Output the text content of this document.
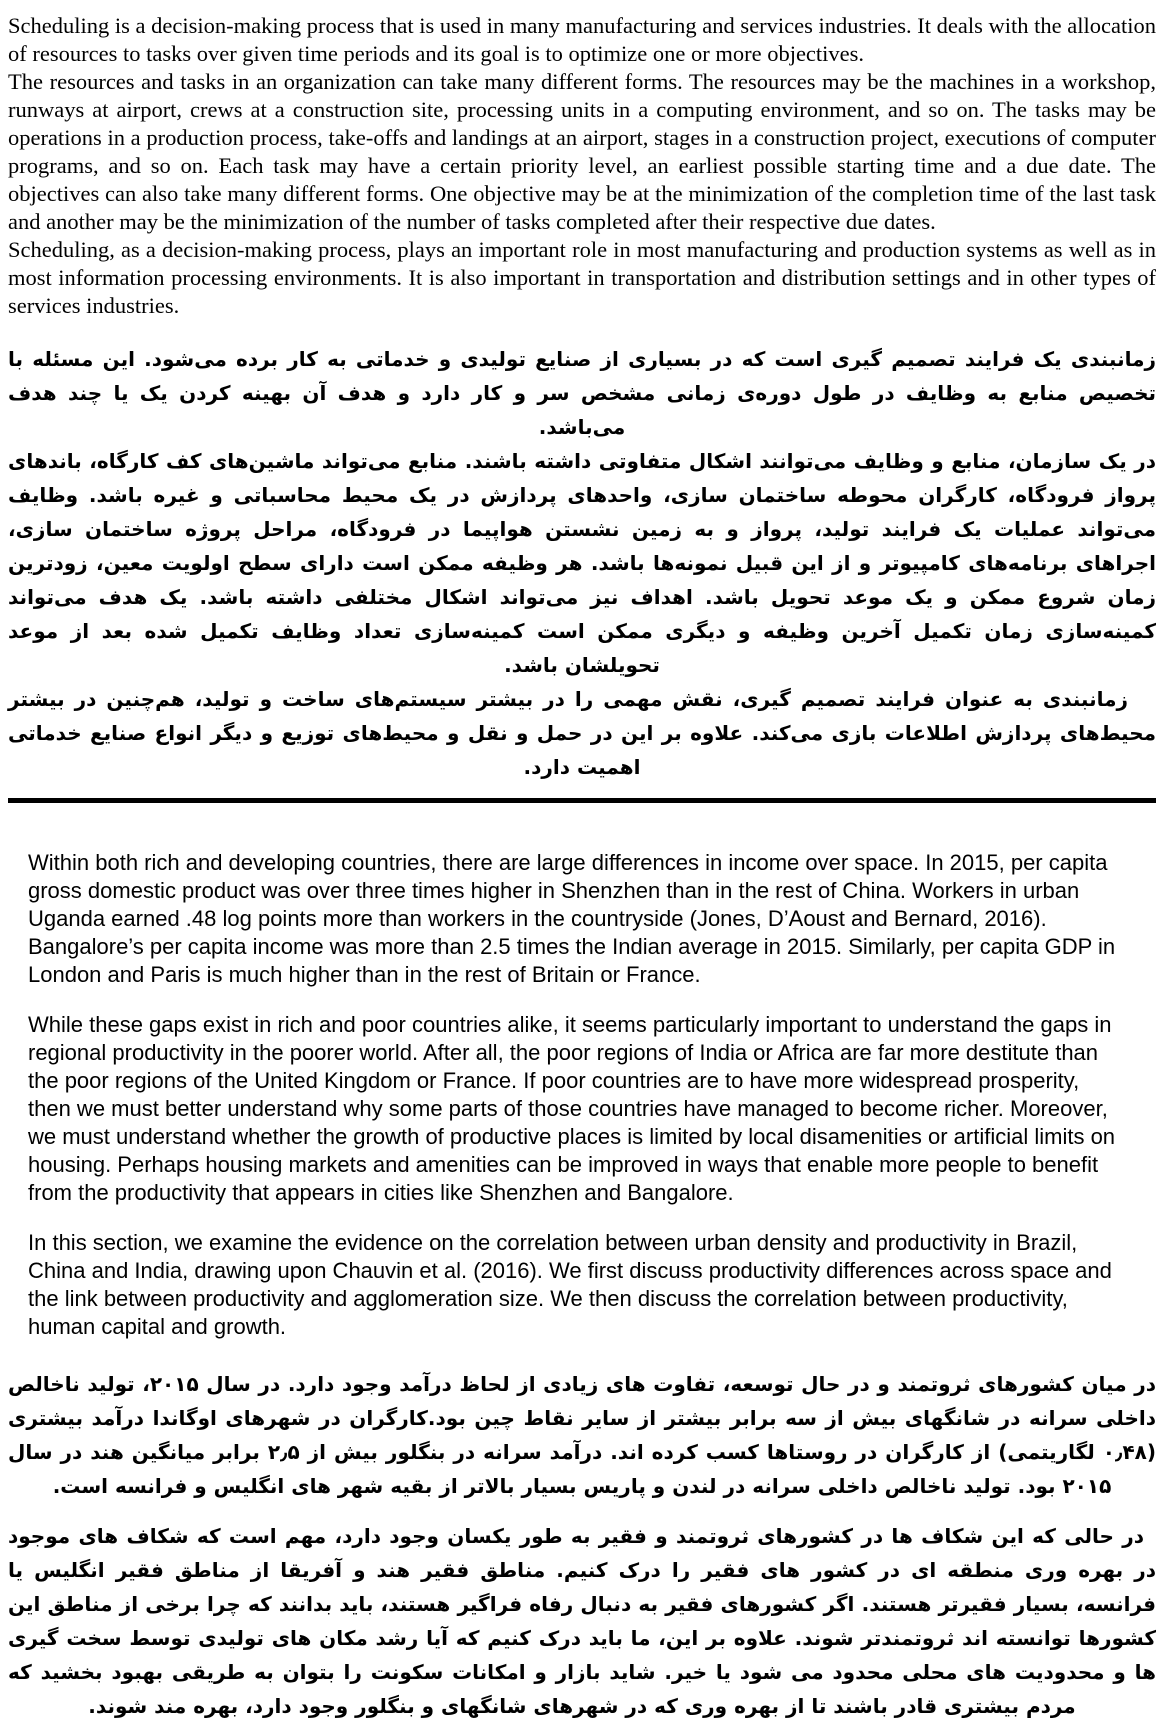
Scheduling is a decision-making process that is used in many manufacturing and services industries. It deals with the allocation of resources to tasks over given time periods and its goal is to optimize one or more objectives.

The resources and tasks in an organization can take many different forms. The resources may be the machines in a workshop, runways at airport, crews at a construction site, processing units in a computing environment, and so on. The tasks may be operations in a production process, take-offs and landings at an airport, stages in a construction project, executions of computer programs, and so on. Each task may have a certain priority level, an earliest possible starting time and a due date. The objectives can also take many different forms. One objective may be at the minimization of the completion time of the last task and another may be the minimization of the number of tasks completed after their respective due dates.

Scheduling, as a decision-making process, plays an important role in most manufacturing and production systems as well as in most information processing environments. It is also important in transportation and distribution settings and in other types of services industries.

زمانبندی یک فرایند تصمیم گیری است که در بسیاری از صنایع تولیدی و خدماتی به کار برده می‌شود. این مسئله با تخصیص منابع به وظایف در طول دوره‌ی زمانی مشخص سر و کار دارد و هدف آن بهینه کردن یک یا چند هدف می‌باشد.

در یک سازمان، منابع و وظایف می‌توانند اشکال متفاوتی داشته باشند. منابع می‌تواند ماشین‌های کف کارگاه، باندهای پرواز فرودگاه، کارگران محوطه ساختمان سازی، واحدهای پردازش در یک محیط محاسباتی و غیره باشد. وظایف می‌تواند عملیات یک فرایند تولید، پرواز و به زمین نشستن هواپیما در فرودگاه، مراحل پروژه ساختمان سازی، اجراهای برنامه‌های کامپیوتر و از این قبیل نمونه‌ها باشد. هر وظیفه ممکن است دارای سطح اولویت معین، زودترین زمان شروع ممکن و یک موعد تحویل باشد. اهداف نیز می‌تواند اشکال مختلفی داشته باشد. یک هدف می‌تواند کمینه‌سازی زمان تکمیل آخرین وظیفه و دیگری ممکن است کمینه‌سازی تعداد وظایف تکمیل شده بعد از موعد تحویلشان باشد.

زمانبندی به عنوان فرایند تصمیم گیری، نقش مهمی را در بیشتر سیستم‌های ساخت و تولید، هم‌چنین در بیشتر محیط‌های پردازش اطلاعات بازی می‌کند. علاوه بر این در حمل و نقل و محیط‌های توزیع و دیگر انواع صنایع خدماتی اهمیت دارد.

Within both rich and developing countries, there are large differences in income over space. In 2015, per capita gross domestic product was over three times higher in Shenzhen than in the rest of China. Workers in urban Uganda earned .48 log points more than workers in the countryside (Jones, D’Aoust and Bernard, 2016). Bangalore’s per capita income was more than 2.5 times the Indian average in 2015. Similarly, per capita GDP in London and Paris is much higher than in the rest of Britain or France.

While these gaps exist in rich and poor countries alike, it seems particularly important to understand the gaps in regional productivity in the poorer world. After all, the poor regions of India or Africa are far more destitute than the poor regions of the United Kingdom or France. If poor countries are to have more widespread prosperity, then we must better understand why some parts of those countries have managed to become richer. Moreover, we must understand whether the growth of productive places is limited by local disamenities or artificial limits on housing. Perhaps housing markets and amenities can be improved in ways that enable more people to benefit from the productivity that appears in cities like Shenzhen and Bangalore.

In this section, we examine the evidence on the correlation between urban density and productivity in Brazil, China and India, drawing upon Chauvin et al. (2016). We first discuss productivity differences across space and the link between productivity and agglomeration size. We then discuss the correlation between productivity, human capital and growth.

در میان کشورهای ثروتمند و در حال توسعه، تفاوت های زیادی از لحاظ درآمد وجود دارد. در سال ۲۰۱۵، تولید ناخالص داخلی سرانه در شانگهای بیش از سه برابر بیشتر از سایر نقاط چین بود.کارگران در شهرهای اوگاندا درآمد بیشتری (۰٫۴۸ لگاریتمی) از کارگران در روستاها کسب کرده اند. درآمد سرانه در بنگلور بیش از ۲٫۵ برابر میانگین هند در سال ۲۰۱۵ بود. تولید ناخالص داخلی سرانه در لندن و پاریس بسیار بالاتر از بقیه شهر های انگلیس و فرانسه است.

در حالی که این شکاف ها در کشورهای ثروتمند و فقیر به طور یکسان وجود دارد، مهم است که شکاف های موجود در بهره وری منطقه ای در کشور های فقیر را درک کنیم. مناطق فقیر هند و آفریقا از مناطق فقیر انگلیس یا فرانسه، بسیار فقیرتر هستند. اگر کشورهای فقیر به دنبال رفاه فراگیر هستند، باید بدانند که چرا برخی از مناطق این کشورها توانسته اند ثروتمندتر شوند. علاوه بر این، ما باید درک کنیم که آیا رشد مکان های تولیدی توسط سخت گیری ها و محدودیت های محلی محدود می شود یا خیر. شاید بازار و امکانات سکونت را بتوان به طریقی بهبود بخشید که مردم بیشتری قادر باشند تا از بهره وری که در شهرهای شانگهای و بنگلور وجود دارد، بهره مند شوند.
